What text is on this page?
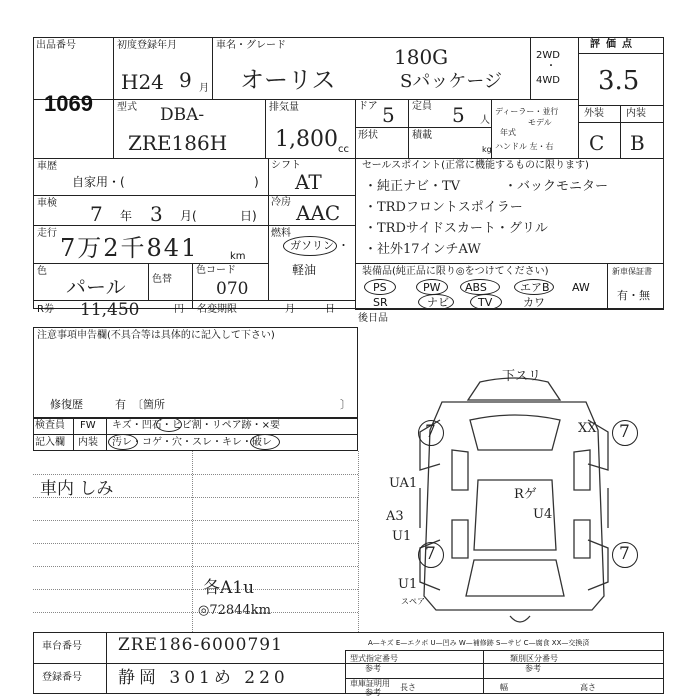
出品番号
1069
初度登録年月
H24 9 月
車名・グレード
オーリス
180G
Sパッケージ
2WD
・
4WD
評価点
3.5
外装 内装
C B
型式 DBA-
ZRE186H
排気量
1,800 cc
ドア 5 定員 5 人
形状	積載
kg
ディーラー・並行
モデル
年式
ハンドル 左・右
車歴
自家用・(	)
車検 7 年 3 月(	日)
走行
7万2千841	km
色
パール	色替
色コード
070
シフト
AT
冷房 AAC
燃料
ガソリン ・
軽油
R券 11,450	円 名変期限	月	日
セールスポイント(正常に機能するものに限ります)
・純正ナビ・TV	・バックモニター
・TRDフロントスポイラー
・TRDサイドスカート・グリル
・社外17インチAW
装備品(純正品に限り◎をつけてください)
PS	PW ABS	エアB AW
SR	ナビ	TV	カワ
新車保証書
有・無
後日品
注意事項申告欄(不具合等は具体的に記入して下さい)
修復歴	有 〔箇所	〕
検査員
記入欄
FW
内装
キズ・凹石・ヒビ割・リペア跡・×要
汚レ・コゲ・穴・スレ・キレ・破レ
車内 しみ
各A1u
◎72844km
7	7
7	7
下スリ
XX
UA1
A3
U1
U1
Rゲ
U4
スペア
A—キズ E—エクボ U—凹み W—補修跡 S—サビ C—腐食 XX—交換済
車台番号 ZRE186-6000791
登録番号 静岡 301め 220
型式指定番号
参考
類別区分番号
参考
車庫証明用
参考
長さ	幅	高さ
